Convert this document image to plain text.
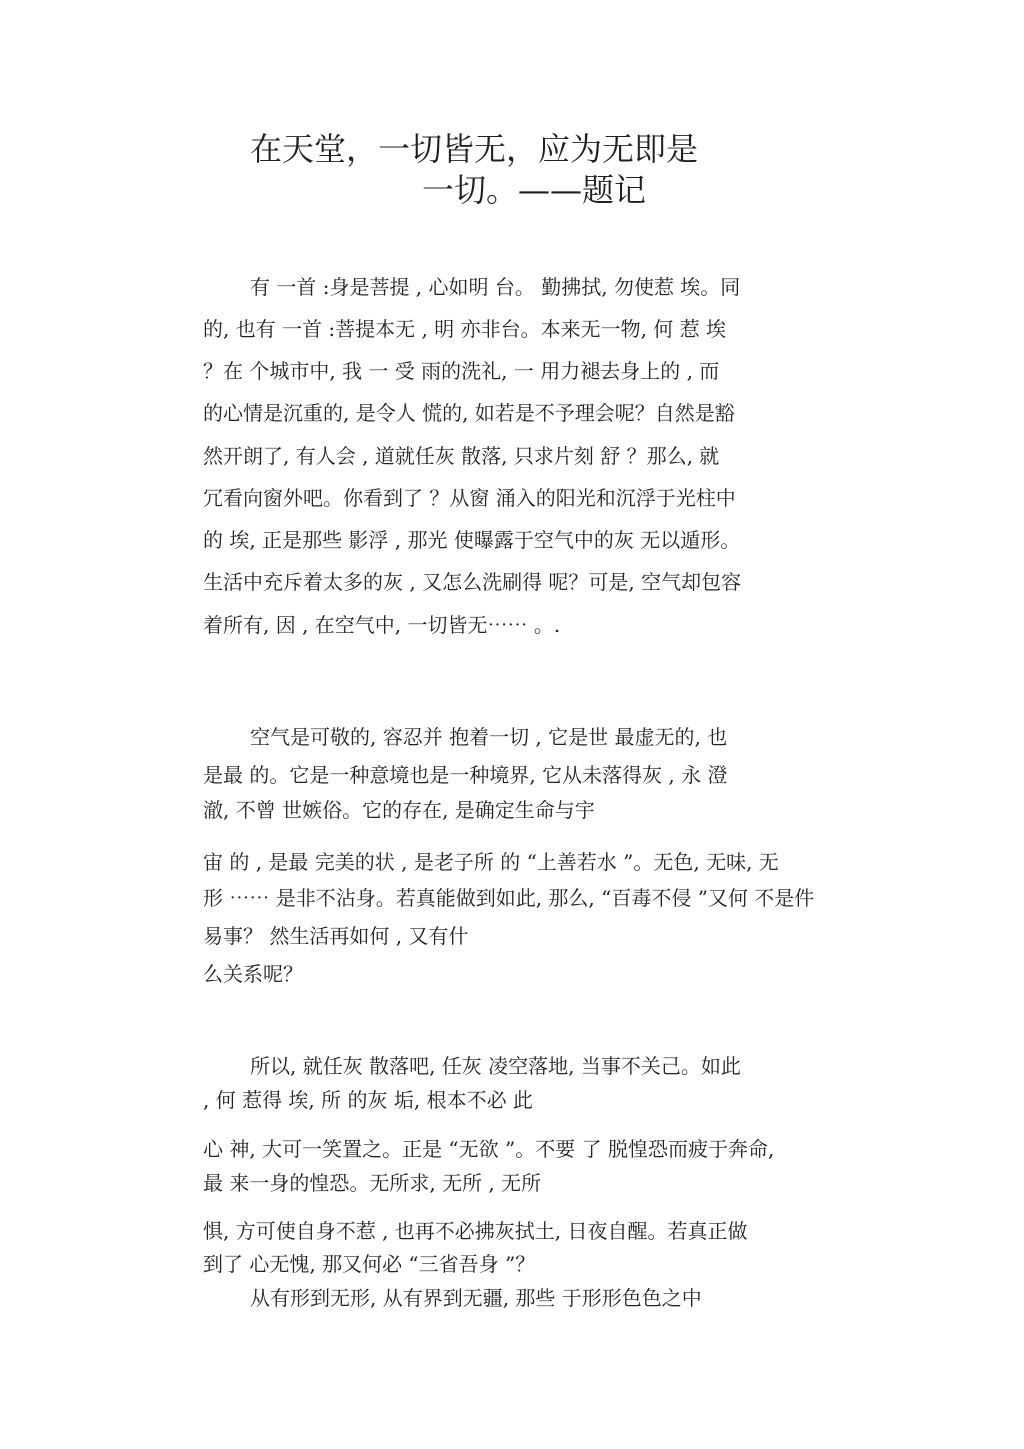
在天堂，一切皆无，应为无即是
一切。——题记
有 一首 :身是菩提 , 心如明 台。 勤拂拭, 勿使惹 埃。同
的, 也有 一首 :菩提本无 , 明 亦非台。本来无一物, 何 惹 埃
？在 个城市中, 我 一 受 雨的洗礼, 一 用力褪去身上的 , 而
的心情是沉重的, 是令人 慌的, 如若是不予理会呢？自然是豁
然开朗了, 有人会 , 道就任灰 散落, 只求片刻 舒 ？那么, 就
冗看向窗外吧。你看到了 ？从窗 涌入的阳光和沉浮于光柱中
的 埃, 正是那些 影浮 , 那光 使曝露于空气中的灰 无以遁形。
生活中充斥着太多的灰 , 又怎么洗刷得 呢？可是, 空气却包容
着所有, 因 , 在空气中, 一切皆无⋯⋯ 。.
空气是可敬的, 容忍并 抱着一切 , 它是世 最虚无的, 也
是最 的。它是一种意境也是一种境界, 它从未落得灰 , 永 澄
澈, 不曾 世嫉俗。它的存在, 是确定生命与宇
宙 的 , 是最 完美的状 , 是老子所 的 “上善若水 ”。无色, 无味, 无
形 ⋯⋯ 是非不沾身。若真能做到如此, 那么, “百毒不侵 ”又何 不是件
易事？ 然生活再如何 , 又有什
么关系呢？
所以, 就任灰 散落吧, 任灰 凌空落地, 当事不关己。如此
, 何 惹得 埃, 所 的灰 垢, 根本不必 此
心 神, 大可一笑置之。正是 “无欲 ”。不要 了 脱惶恐而疲于奔命,
最 来一身的惶恐。无所求, 无所 , 无所
惧, 方可使自身不惹 , 也再不必拂灰拭土, 日夜自醒。若真正做
到了 心无愧, 那又何必 “三省吾身 ”？
从有形到无形, 从有界到无疆, 那些 于形形色色之中
